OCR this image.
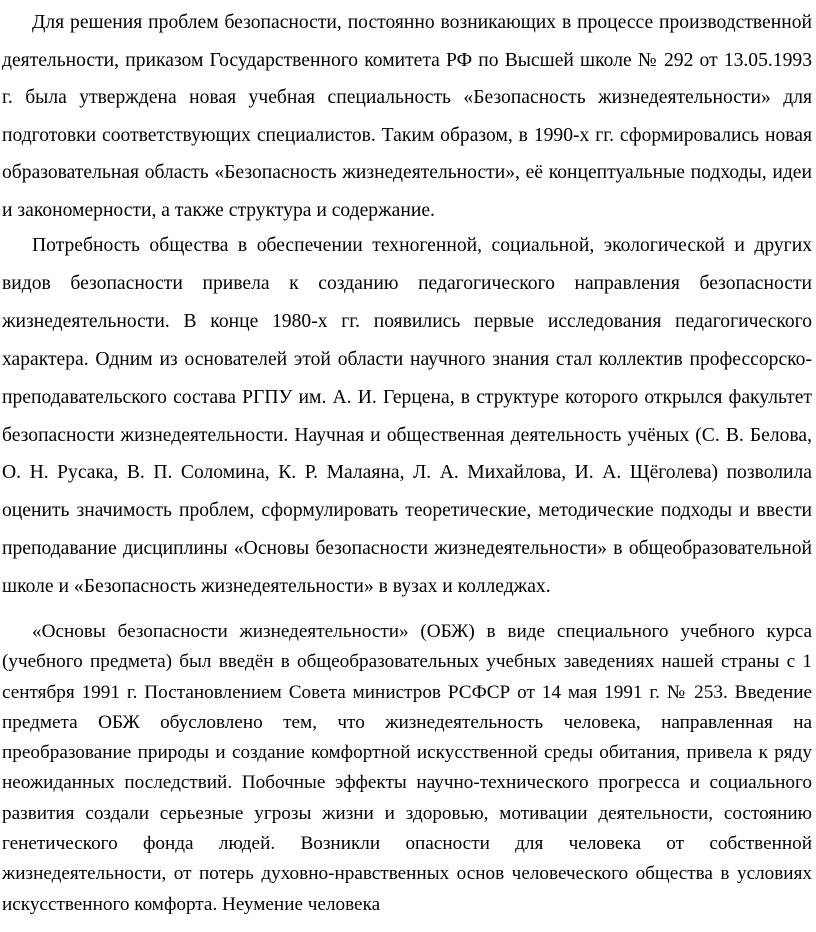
Для решения проблем безопасности, постоянно возникающих в процессе производственной деятельности, приказом Государственного комитета РФ по Высшей школе № 292 от 13.05.1993 г. была утверждена новая учебная специальность «Безопасность жизнедеятельности» для подготовки соответствующих специалистов. Таким образом, в 1990-х гг. сформировались новая образовательная область «Безопасность жизнедеятельности», её концептуальные подходы, идеи и закономерности, а также структура и содержание.

Потребность общества в обеспечении техногенной, социальной, экологической и других видов безопасности привела к созданию педагогического направления безопасности жизнедеятельности. В конце 1980-х гг. появились первые исследования педагогического характера. Одним из основателей этой области научного знания стал коллектив профессорско-преподавательского состава РГПУ им. А. И. Герцена, в структуре которого открылся факультет безопасности жизнедеятельности. Научная и общественная деятельность учёных (С. В. Белова, О. Н. Русака, В. П. Соломина, К. Р. Малаяна, Л. А. Михайлова, И. А. Щёголева) позволила оценить значимость проблем, сформулировать теоретические, методические подходы и ввести преподавание дисциплины «Основы безопасности жизнедеятельности» в общеобразовательной школе и «Безопасность жизнедеятельности» в вузах и колледжах.

«Основы безопасности жизнедеятельности» (ОБЖ) в виде специального учебного курса (учебного предмета) был введён в общеобразовательных учебных заведениях нашей страны с 1 сентября 1991 г. Постановлением Совета министров РСФСР от 14 мая 1991 г. № 253. Введение предмета ОБЖ обусловлено тем, что жизнедеятельность человека, направленная на преобразование природы и создание комфортной искусственной среды обитания, привела к ряду неожиданных последствий. Побочные эффекты научно-технического прогресса и социального развития создали серьезные угрозы жизни и здоровью, мотивации деятельности, состоянию генетического фонда людей. Возникли опасности для человека от собственной жизнедеятельности, от потерь духовно-нравственных основ человеческого общества в условиях искусственного комфорта. Неумение человека
